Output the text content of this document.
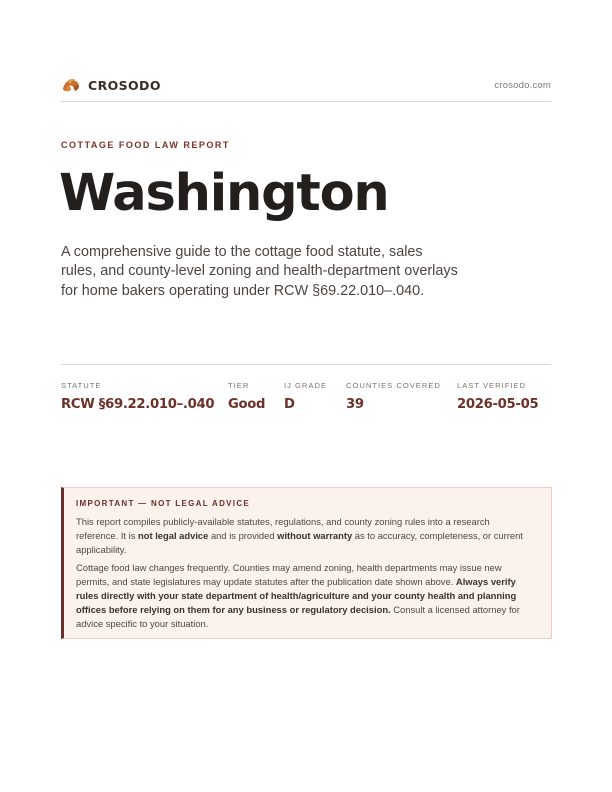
CROSODO	crosodo.com
COTTAGE FOOD LAW REPORT
Washington

A comprehensive guide to the cottage food statute, sales rules, and county-level zoning and health-department overlays for home bakers operating under RCW §69.22.010–.040.

STATUTE
RCW §69.22.010–.040
TIER
Good
IJ GRADE
D
COUNTIES COVERED
39
LAST VERIFIED
2026-05-05
IMPORTANT — NOT LEGAL ADVICE

This report compiles publicly-available statutes, regulations, and county zoning rules into a research reference. It is not legal advice and is provided without warranty as to accuracy, completeness, or current applicability.

Cottage food law changes frequently. Counties may amend zoning, health departments may issue new permits, and state legislatures may update statutes after the publication date shown above. Always verify rules directly with your state department of health/agriculture and your county health and planning offices before relying on them for any business or regulatory decision. Consult a licensed attorney for advice specific to your situation.
